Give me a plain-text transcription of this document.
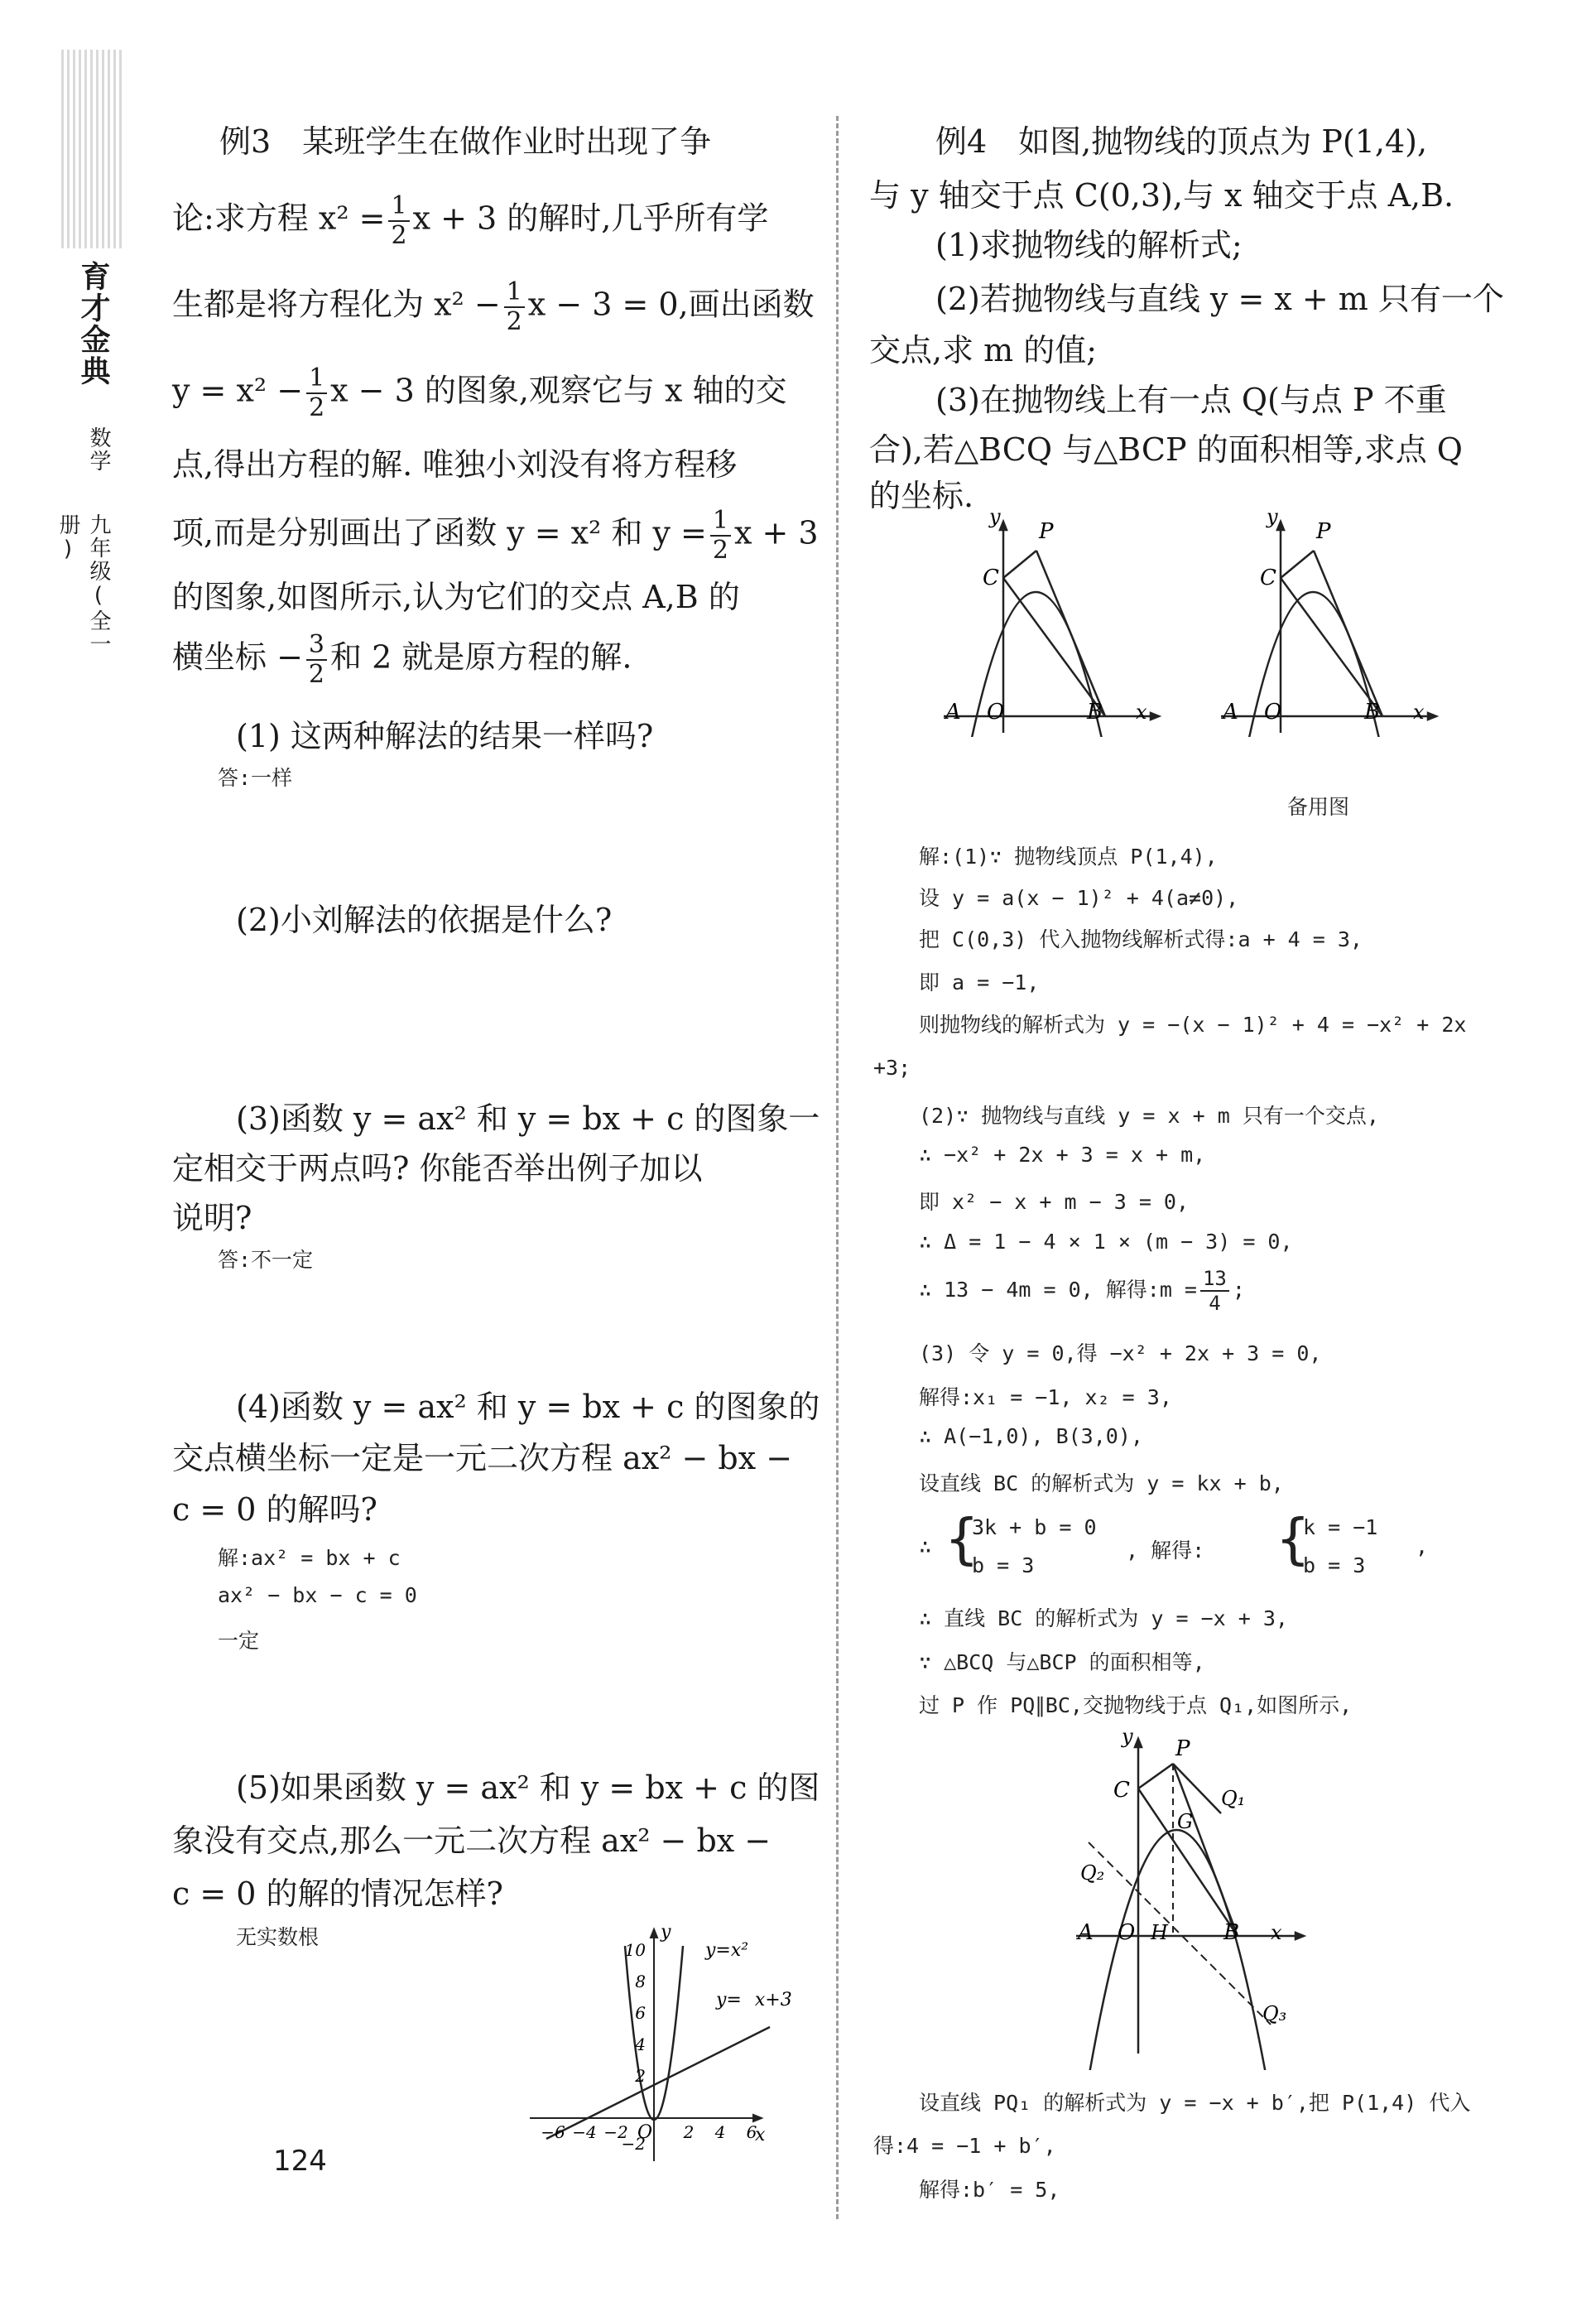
育才金典
数学
九年级(全一册)
例3　某班学生在做作业时出现了争
论:求方程 $x^2 = \frac{1}{2}$ x + 3 的解时,几乎所有学
生都是将方程化为 $x^2 - \frac{1}{2}$ x − 3 = 0,画出函数
$y = x^2 - \frac{1}{2}$ x − 3 的图象,观察它与 x 轴的交
点,得出方程的解. 唯独小刘没有将方程移
项,而是分别画出了函数 y = x² 和 $y = \frac{1}{2}$ x + 3
的图象,如图所示,认为它们的交点 A,B 的
横坐标 − $\frac{3}{2}$ 和 2 就是原方程的解.
(1) 这两种解法的结果一样吗?
答:一样
(2)小刘解法的依据是什么?
(3)函数 y = ax² 和 y = bx + c 的图象一
定相交于两点吗? 你能否举出例子加以
说明?
答:不一定
(4)函数 y = ax² 和 y = bx + c 的图象的
交点横坐标一定是一元二次方程 ax² − bx −
c = 0 的解吗?
解:ax² = bx + c
ax² − bx − c = 0
一定
(5)如果函数 y = ax² 和 y = bx + c 的图
象没有交点,那么一元二次方程 ax² − bx −
c = 0 的解的情况怎样?
无实数根	y
x
O
y=x²
y= x+3
10
8
6
4
2
−2
−6 −4 −2	2 4 6
例4　如图,抛物线的顶点为 P(1,4),
与 y 轴交于点 C(0,3),与 x 轴交于点 A,B.
(1)求抛物线的解析式;
(2)若抛物线与直线 y = x + m 只有一个
交点,求 m 的值;
(3)在抛物线上有一点 Q(与点 P 不重
合),若△BCQ 与△BCP 的面积相等,求点 Q
的坐标.
y
P
C
A O	B x
y
P
C
A O	B x
备用图
解:(1)∵ 抛物线顶点 P(1,4),
设 y = a(x − 1)² + 4(a≠0),
把 C(0,3) 代入抛物线解析式得:a + 4 = 3,
即 a = −1,
则抛物线的解析式为 y = −(x − 1)² + 4 = −x² + 2x
+3;
(2)∵ 抛物线与直线 y = x + m 只有一个交点,
∴ −x² + 2x + 3 = x + m,
即 x² − x + m − 3 = 0,
∴ Δ = 1 − 4 × 1 × (m − 3) = 0,
∴ 13 − 4m = 0, 解得:m = $\frac{13}{4}$ ;
(3) 令 y = 0,得 −x² + 2x + 3 = 0,
解得:x₁ = −1, x₂ = 3,
∴ A(−1,0), B(3,0),
设直线 BC 的解析式为 y = kx + b,
∴ {
3k + b = 0
b = 3
, 解得: {
k = −1
b = 3
,
∴ 直线 BC 的解析式为 y = −x + 3,
∵ △BCQ 与△BCP 的面积相等,
过 P 作 PQ∥BC,交抛物线于点 Q₁,如图所示,
y P
C	Q₁
G
Q₂
A O H	B x
Q₃
设直线 PQ₁ 的解析式为 y = −x + b′,把 P(1,4) 代入
得:4 = −1 + b′,
解得:b′ = 5,
124
